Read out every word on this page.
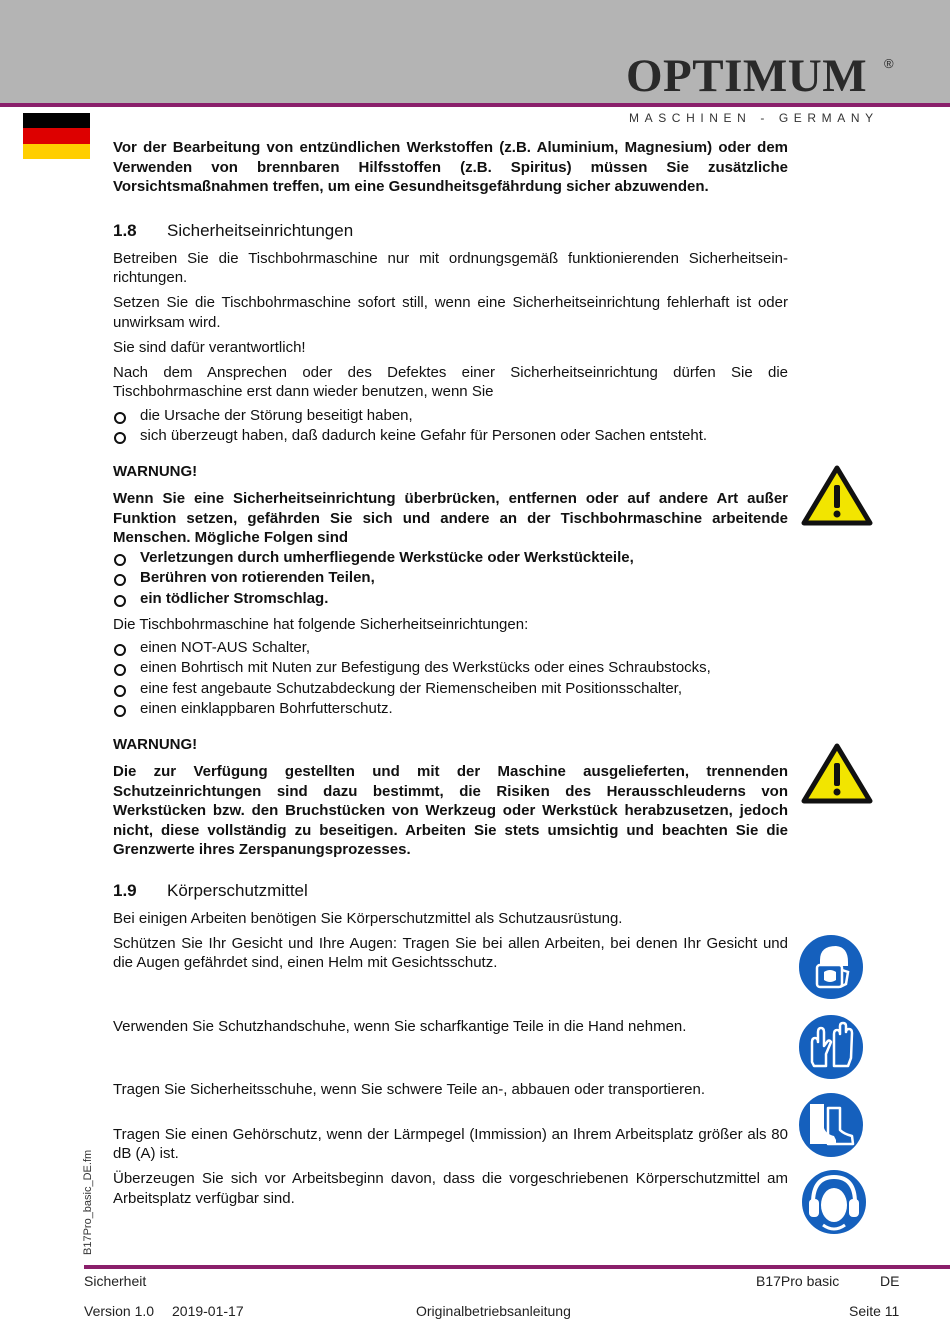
OPTIMUM ®
MASCHINEN - GERMANY

Vor der Bearbeitung von entzündlichen Werkstoffen (z.B. Aluminium, Magnesium) oder dem Verwenden von brennbaren Hilfsstoffen (z.B. Spiritus) müssen Sie zusätzliche Vorsichtsmaßnahmen treffen, um eine Gesundheitsgefährdung sicher abzuwenden.

1.8 Sicherheitseinrichtungen

Betreiben Sie die Tischbohrmaschine nur mit ordnungsgemäß funktionierenden Sicherheitsein-richtungen.

Setzen Sie die Tischbohrmaschine sofort still, wenn eine Sicherheitseinrichtung fehlerhaft ist oder unwirksam wird.

Sie sind dafür verantwortlich!

Nach dem Ansprechen oder des Defektes einer Sicherheitseinrichtung dürfen Sie die Tischbohrmaschine erst dann wieder benutzen, wenn Sie

die Ursache der Störung beseitigt haben,
sich überzeugt haben, daß dadurch keine Gefahr für Personen oder Sachen entsteht.
WARNUNG!

Wenn Sie eine Sicherheitseinrichtung überbrücken, entfernen oder auf andere Art außer Funktion setzen, gefährden Sie sich und andere an der Tischbohrmaschine arbeitende Menschen. Mögliche Folgen sind

Verletzungen durch umherfliegende Werkstücke oder Werkstückteile,
Berühren von rotierenden Teilen,
ein tödlicher Stromschlag.

Die Tischbohrmaschine hat folgende Sicherheitseinrichtungen:

einen NOT-AUS Schalter,
einen Bohrtisch mit Nuten zur Befestigung des Werkstücks oder eines Schraubstocks,
eine fest angebaute Schutzabdeckung der Riemenscheiben mit Positionsschalter,
einen einklappbaren Bohrfutterschutz.
WARNUNG!

Die zur Verfügung gestellten und mit der Maschine ausgelieferten, trennenden Schutzeinrichtungen sind dazu bestimmt, die Risiken des Herausschleuderns von Werkstücken bzw. den Bruchstücken von Werkzeug oder Werkstück herabzusetzen, jedoch nicht, diese vollständig zu beseitigen. Arbeiten Sie stets umsichtig und beachten Sie die Grenzwerte ihres Zerspanungsprozesses.

1.9 Körperschutzmittel

Bei einigen Arbeiten benötigen Sie Körperschutzmittel als Schutzausrüstung.

Schützen Sie Ihr Gesicht und Ihre Augen: Tragen Sie bei allen Arbeiten, bei denen Ihr Gesicht und die Augen gefährdet sind, einen Helm mit Gesichtsschutz.

Verwenden Sie Schutzhandschuhe, wenn Sie scharfkantige Teile in die Hand nehmen.

Tragen Sie Sicherheitsschuhe, wenn Sie schwere Teile an-, abbauen oder transportieren.

Tragen Sie einen Gehörschutz, wenn der Lärmpegel (Immission) an Ihrem Arbeitsplatz größer als 80 dB (A) ist.

Überzeugen Sie sich vor Arbeitsbeginn davon, dass die vorgeschriebenen Körperschutzmittel am Arbeitsplatz verfügbar sind.

B17Pro_basic_DE.fm
Sicherheit	B17Pro basic	DE
Version 1.0 2019-01-17	Originalbetriebsanleitung	Seite 11
